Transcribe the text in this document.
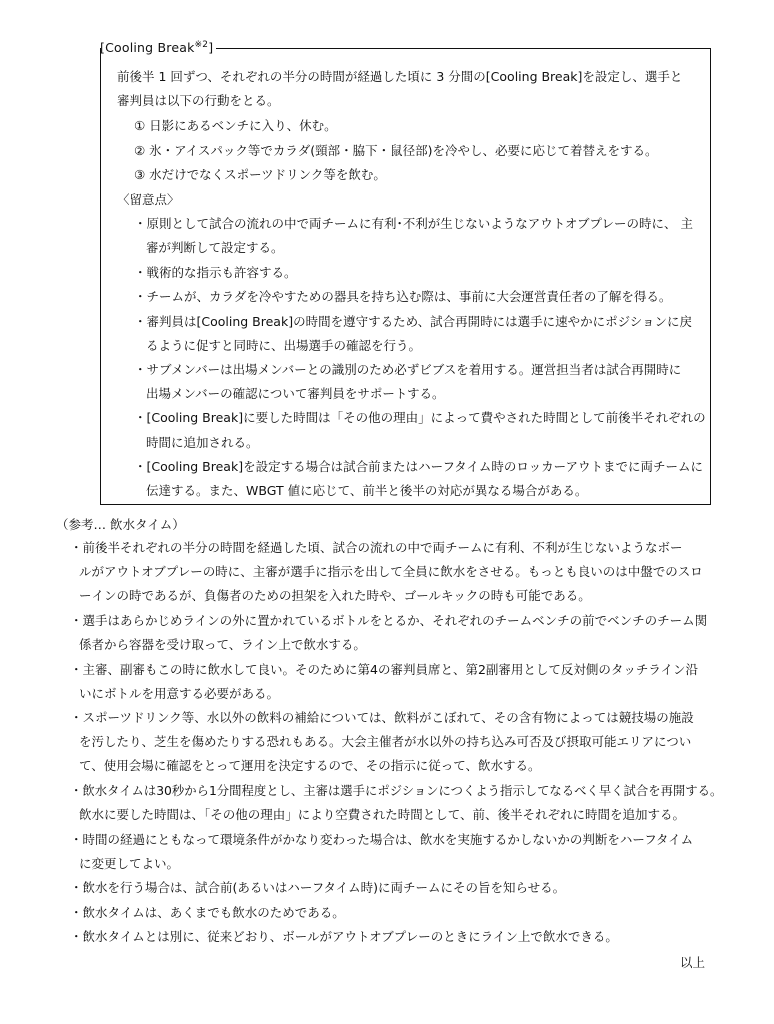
[Cooling Break$^{※2}$]
前後半 1 回ずつ、それぞれの半分の時間が経過した頃に 3 分間の[Cooling Break]を設定し、選手と
審判員は以下の行動をとる。
① 日影にあるベンチに入り、休む。
② 氷・アイスパック等でカラダ(頸部・脇下・鼠径部)を冷やし、必要に応じて着替えをする。
③ 水だけでなくスポーツドリンク等を飲む。
〈留意点〉
・原則として試合の流れの中で両チームに有利･不利が生じないようなアウトオブプレーの時に、 主
審が判断して設定する。
・戦術的な指示も許容する。
・チームが、カラダを冷やすための器具を持ち込む際は、事前に大会運営責任者の了解を得る。
・審判員は[Cooling Break]の時間を遵守するため、試合再開時には選手に速やかにポジションに戻
るように促すと同時に、出場選手の確認を行う。
・サブメンバーは出場メンバーとの識別のため必ずビブスを着用する。運営担当者は試合再開時に
出場メンバーの確認について審判員をサポートする。
・[Cooling Break]に要した時間は「その他の理由」によって費やされた時間として前後半それぞれの
時間に追加される。
・[Cooling Break]を設定する場合は試合前またはハーフタイム時のロッカーアウトまでに両チームに
伝達する。また、WBGT 値に応じて、前半と後半の対応が異なる場合がある。
（参考… 飲水タイム）
・前後半それぞれの半分の時間を経過した頃、試合の流れの中で両チームに有利、不利が生じないようなボー
ルがアウトオブプレーの時に、主審が選手に指示を出して全員に飲水をさせる。もっとも良いのは中盤でのスロ
ーインの時であるが、負傷者のための担架を入れた時や、ゴールキックの時も可能である。
・選手はあらかじめラインの外に置かれているボトルをとるか、それぞれのチームベンチの前でベンチのチーム関
係者から容器を受け取って、ライン上で飲水する。
・主審、副審もこの時に飲水して良い。そのために第4の審判員席と、第2副審用として反対側のタッチライン沿
いにボトルを用意する必要がある。
・スポーツドリンク等、水以外の飲料の補給については、飲料がこぼれて、その含有物によっては競技場の施設
を汚したり、芝生を傷めたりする恐れもある。大会主催者が水以外の持ち込み可否及び摂取可能エリアについ
て、使用会場に確認をとって運用を決定するので、その指示に従って、飲水する。
・飲水タイムは30秒から1分間程度とし、主審は選手にポジションにつくよう指示してなるべく早く試合を再開する。
飲水に要した時間は、「その他の理由」により空費された時間として、前、後半それぞれに時間を追加する。
・時間の経過にともなって環境条件がかなり変わった場合は、飲水を実施するかしないかの判断をハーフタイム
に変更してよい。
・飲水を行う場合は、試合前(あるいはハーフタイム時)に両チームにその旨を知らせる。
・飲水タイムは、あくまでも飲水のためである。
・飲水タイムとは別に、従来どおり、ボールがアウトオブプレーのときにライン上で飲水できる。
以上
